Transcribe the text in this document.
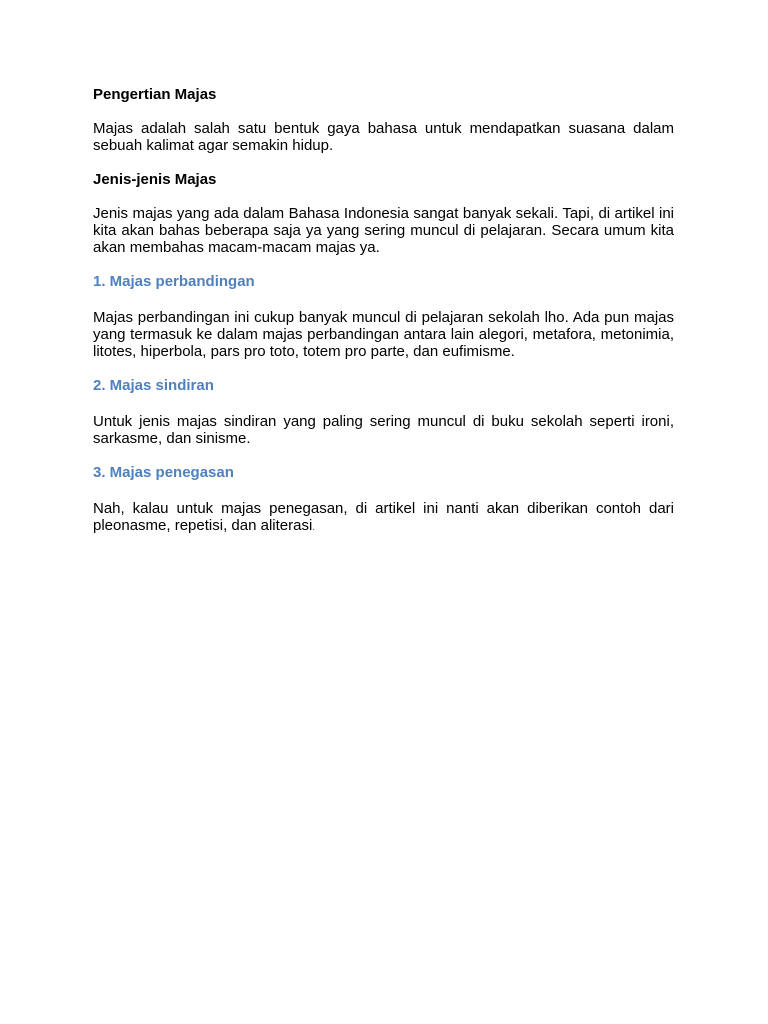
Pengertian Majas

Majas adalah salah satu bentuk gaya bahasa untuk mendapatkan suasana dalam sebuah kalimat agar semakin hidup.

Jenis-jenis Majas

Jenis majas yang ada dalam Bahasa Indonesia sangat banyak sekali. Tapi, di artikel ini kita akan bahas beberapa saja ya yang sering muncul di pelajaran. Secara umum kita akan membahas macam-macam majas ya.

1. Majas perbandingan

Majas perbandingan ini cukup banyak muncul di pelajaran sekolah lho. Ada pun majas yang termasuk ke dalam majas perbandingan antara lain alegori, metafora, metonimia, litotes, hiperbola, pars pro toto, totem pro parte, dan eufimisme.

2. Majas sindiran

Untuk jenis majas sindiran yang paling sering muncul di buku sekolah seperti ironi, sarkasme, dan sinisme.

3. Majas penegasan

Nah, kalau untuk majas penegasan, di artikel ini nanti akan diberikan contoh dari pleonasme, repetisi, dan aliterasi.
